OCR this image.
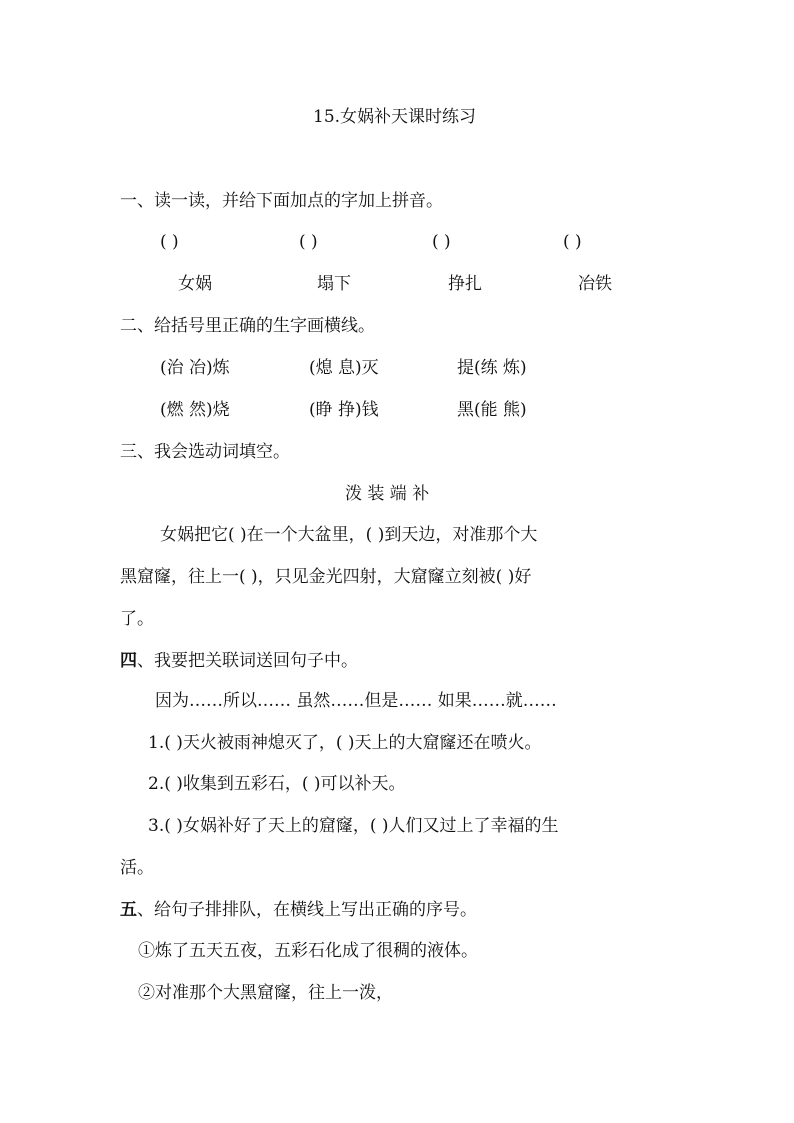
15.女娲补天课时练习
一、读一读，并给下面加点的字加上拼音。
( )	( )	( )	( )
女娲	塌下	挣扎	冶铁
二、给括号里正确的生字画横线。
(治 冶)炼	(熄 息)灭	提(练 炼)
(燃 然)烧	(睁 挣)钱	黑(能 熊)
三、我会选动词填空。
泼 装 端 补
女娲把它( )在一个大盆里，( )到天边，对准那个大
黑窟窿，往上一( )，只见金光四射，大窟窿立刻被( )好
了。
四、我要把关联词送回句子中。
因为……所以…… 虽然……但是…… 如果……就……
1.( )天火被雨神熄灭了，( )天上的大窟窿还在喷火。
2.( )收集到五彩石，( )可以补天。
3.( )女娲补好了天上的窟窿，( )人们又过上了幸福的生
活。
五、给句子排排队，在横线上写出正确的序号。
①炼了五天五夜，五彩石化成了很稠的液体。
②对准那个大黑窟窿，往上一泼，
